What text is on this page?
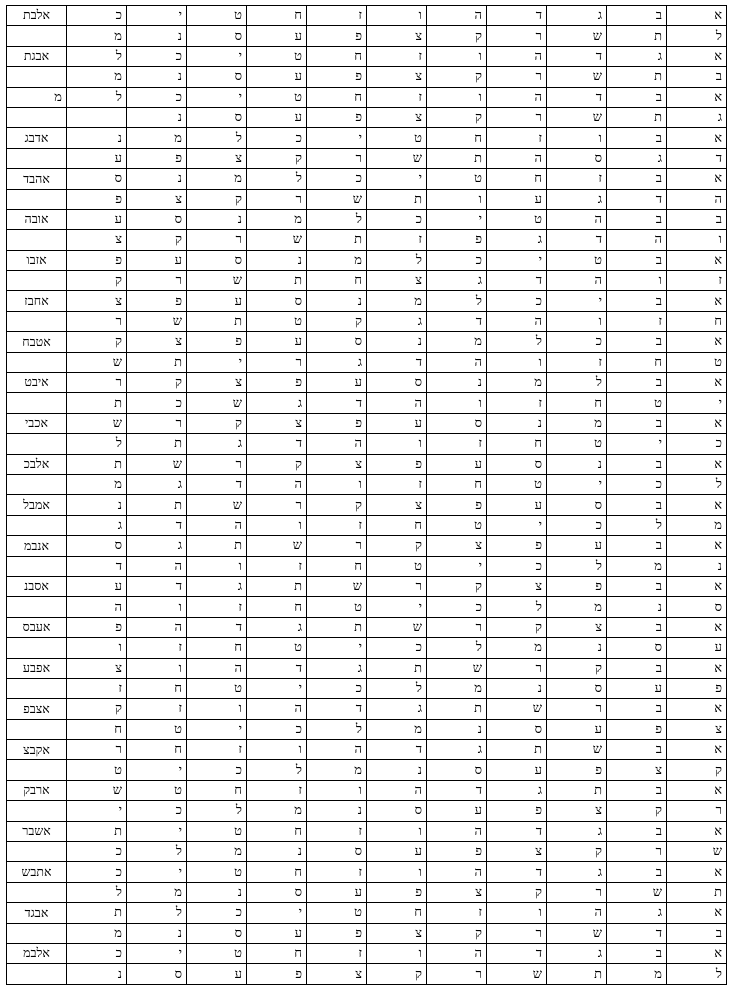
א	ב	ג	ד	ה	ו	ז	ח	ט	י	כ	אלבת
ל	ת	ש	ר	ק	צ	פ	ע	ס	נ	מ	
א	ג	ד	ה	ו	ז	ח	ט	י	כ	ל	אבגת
ב	ת	ש	ר	ק	צ	פ	ע	ס	נ	מ	
א	ב	ד	ה	ו	ז	ח	ט	י	כ	ל	מ
ג	ת	ש	ר	ק	צ	פ	ע	ס	נ		
א	ב	ו	ז	ח	ט	י	כ	ל	מ	נ	אדבג
ד	ג	ס	ה	ת	ש	ר	ק	צ	פ	ע	
א	ב	ז	ח	ט	י	כ	ל	מ	נ	ס	אהבד
ה	ד	ג	ע	ו	ת	ש	ר	ק	צ	פ	
ב	ב	ה	ט	י	כ	ל	מ	נ	ס	ע	אובה
ו	ה	ד	ג	פ	ז	ת	ש	ר	ק	צ	
א	ב	ט	י	כ	ל	מ	נ	ס	ע	פ	אזבו
ז	ו	ה	ד	ג	צ	ח	ת	ש	ר	ק	
א	ב	י	כ	ל	מ	נ	ס	ע	פ	צ	אחבז
ח	ז	ו	ה	ד	ג	ק	ט	ת	ש	ר	
א	ב	כ	ל	מ	נ	ס	ע	פ	צ	ק	אטבח
ט	ח	ז	ו	ה	ד	ג	ר	י	ת	ש	
א	ב	ל	מ	נ	ס	ע	פ	צ	ק	ר	איבט
י	ט	ח	ז	ו	ה	ד	ג	ש	כ	ת	
א	ב	מ	נ	ס	ע	פ	צ	ק	ר	ש	אכבי
כ	י	ט	ח	ז	ו	ה	ד	ג	ת	ל	
א	ב	נ	ס	ע	פ	צ	ק	ר	ש	ת	אלבכ
ל	כ	י	ט	ח	ז	ו	ה	ד	ג	מ	
א	ב	ס	ע	פ	צ	ק	ר	ש	ת	נ	אמבל
מ	ל	כ	י	ט	ח	ז	ו	ה	ד	ג	
א	ב	ע	פ	צ	ק	ר	ש	ת	ג	ס	אנבמ
נ	מ	ל	כ	י	ט	ח	ז	ו	ה	ד	
א	ב	פ	צ	ק	ר	ש	ת	ג	ד	ע	אסבנ
ס	נ	מ	ל	כ	י	ט	ח	ז	ו	ה	
א	ב	צ	ק	ר	ש	ת	ג	ד	ה	פ	אעבס
ע	ס	נ	מ	ל	כ	י	ט	ח	ז	ו	
א	ב	ק	ר	ש	ת	ג	ד	ה	ו	צ	אפבע
פ	ע	ס	נ	מ	ל	כ	י	ט	ח	ז	
א	ב	ר	ש	ת	ג	ד	ה	ו	ז	ק	אצבפ
צ	פ	ע	ס	נ	מ	ל	כ	י	ט	ח	
א	ב	ש	ת	ג	ד	ה	ו	ז	ח	ר	אקבצ
ק	צ	פ	ע	ס	נ	מ	ל	כ	י	ט	
א	ב	ת	ג	ד	ה	ו	ז	ח	ט	ש	ארבק
ר	ק	צ	פ	ע	ס	נ	מ	ל	כ	י	
א	ב	ג	ד	ה	ו	ז	ח	ט	י	ת	אשבר
ש	ר	ק	צ	פ	ע	ס	נ	מ	ל	כ	
א	ב	ג	ד	ה	ו	ז	ח	ט	י	כ	אתבש
ת	ש	ר	ק	צ	פ	ע	ס	נ	מ	ל	
א	ג	ה	ו	ז	ח	ט	י	כ	ל	ת	אבגד
ב	ד	ש	ר	ק	צ	פ	ע	ס	נ	מ	
א	ב	ג	ד	ה	ו	ז	ח	ט	י	כ	אלבמ
ל	מ	ת	ש	ר	ק	צ	פ	ע	ס	נ	
